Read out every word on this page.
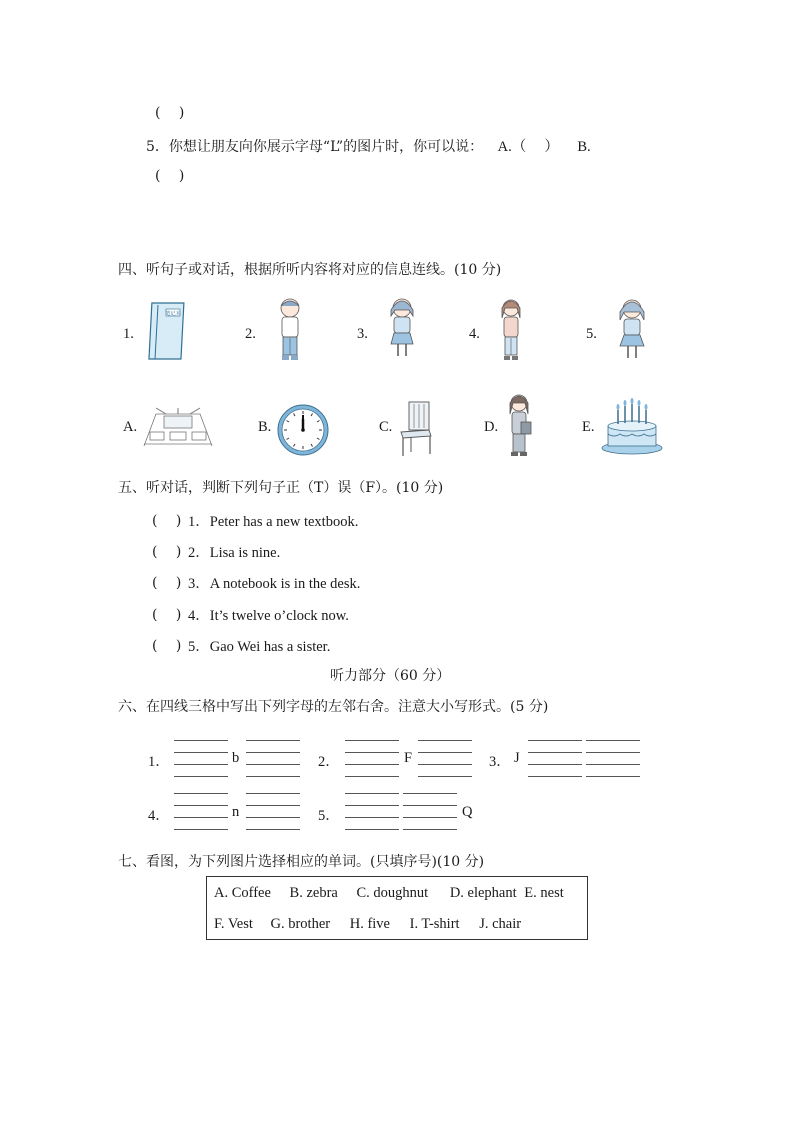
(　 )
5．你想让朋友向你展示字母“L”的图片时，你可以说： A.（　 ） B.
(　 )
四、听句子或对话，根据所听内容将对应的信息连线。(10 分)
1.
笔记本
2.	3.	4.	5.
A.	B.	C.	D.	E.
五、听对话，判断下列句子正（T）误（F）。(10 分)
(　 ) 1．Peter has a new textbook.
(　 ) 2．Lisa is nine.
(　 ) 3．A notebook is in the desk.
(　 ) 4．It’s twelve o’clock now.
(　 ) 5．Gao Wei has a sister.
听力部分（60 分）
六、在四线三格中写出下列字母的左邻右舍。注意大小写形式。(5 分)
1．	b	2．	F	3． J
4．	n	5．	Q
七、看图，为下列图片选择相应的单词。(只填序号)(10 分)
A. Coffee B. zebra C. doughnut D. elephant E. nest
F. Vest G. brother H. five I. T-shirt J. chair
